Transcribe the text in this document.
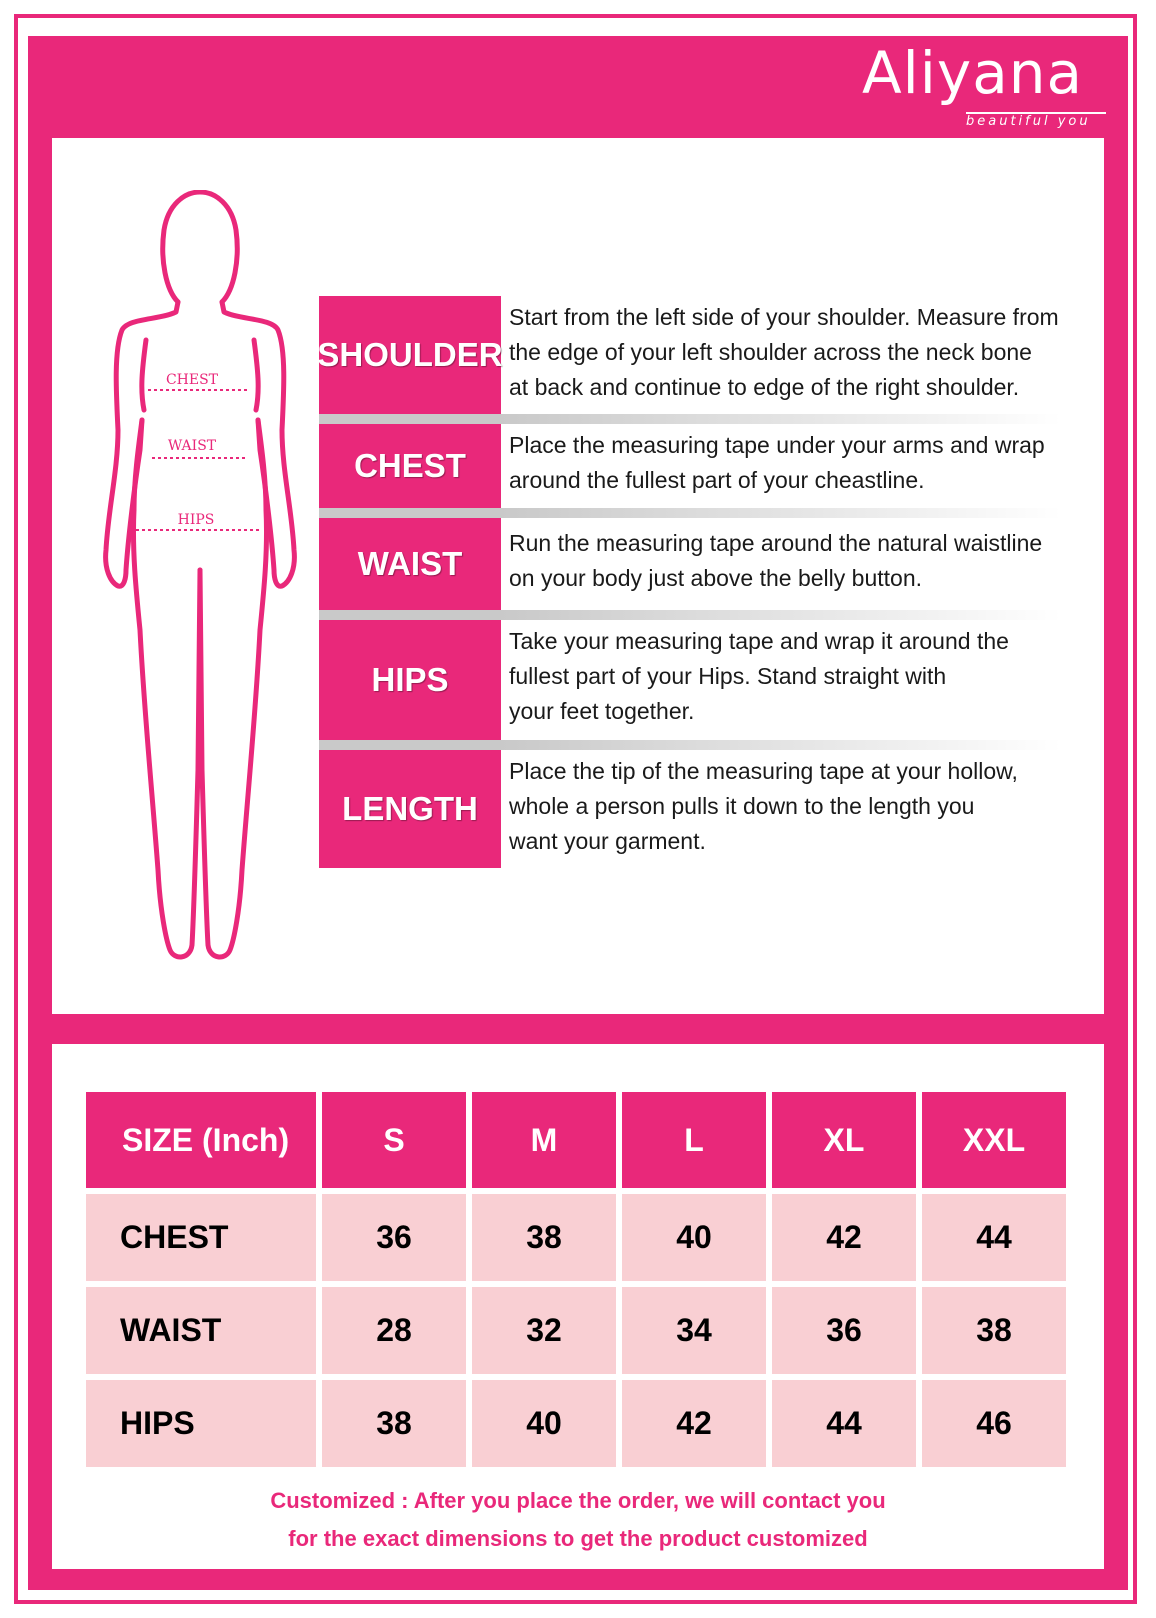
Aliyana
beautiful you
CHEST
WAIST
HIPS
SHOULDER
Start from the left side of your shoulder. Measure from
the edge of your left shoulder across the neck bone
at back and continue to edge of the right shoulder.
CHEST
Place the measuring tape under your arms and wrap
around the fullest part of your cheastline.
WAIST
Run the measuring tape around the natural waistline
on your body just above the belly button.
HIPS
Take your measuring tape and wrap it around the
fullest part of your Hips. Stand straight with
your feet together.
LENGTH
Place the tip of the measuring tape at your hollow,
whole a person pulls it down to the length you
want your garment.
SIZE (Inch)	S	M	L	XL	XXL
CHEST	36	38	40	42	44
WAIST	28	32	34	36	38
HIPS	38	40	42	44	46
Customized : After you place the order, we will contact you
for the exact dimensions to get the product customized
